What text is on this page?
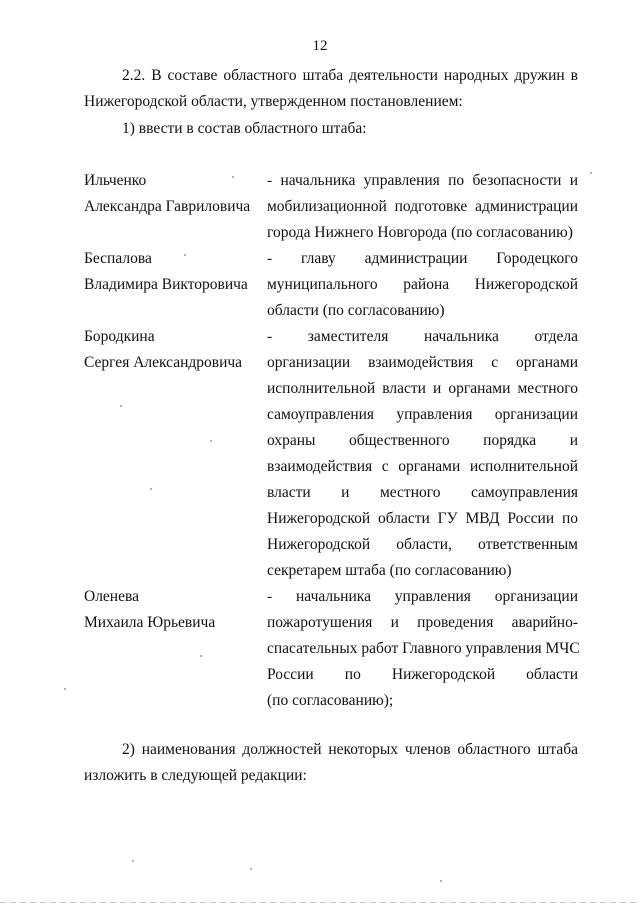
12
2.2. В составе областного штаба деятельности народных дружин в Нижегородской области, утвержденном постановлением:
1) ввести в состав областного штаба:
Ильченко
Александра Гавриловича
- начальника управления по безопасности и
мобилизационной подготовке администрации
города Нижнего Новгорода (по согласованию)
Беспалова
Владимира Викторовича
- главу администрации Городецкого
муниципального района Нижегородской
области (по согласованию)
Бородкина
Сергея Александровича
- заместителя начальника отдела
организации взаимодействия с органами
исполнительной власти и органами местного
самоуправления управления организации
охраны общественного порядка и
взаимодействия с органами исполнительной
власти и местного самоуправления
Нижегородской области ГУ МВД России по
Нижегородской области, ответственным
секретарем штаба (по согласованию)
Оленева
Михаила Юрьевича
- начальника управления организации
пожаротушения и проведения аварийно-
спасательных работ Главного управления МЧС
России по Нижегородской области
(по согласованию);
2) наименования должностей некоторых членов областного штаба изложить в следующей редакции:
